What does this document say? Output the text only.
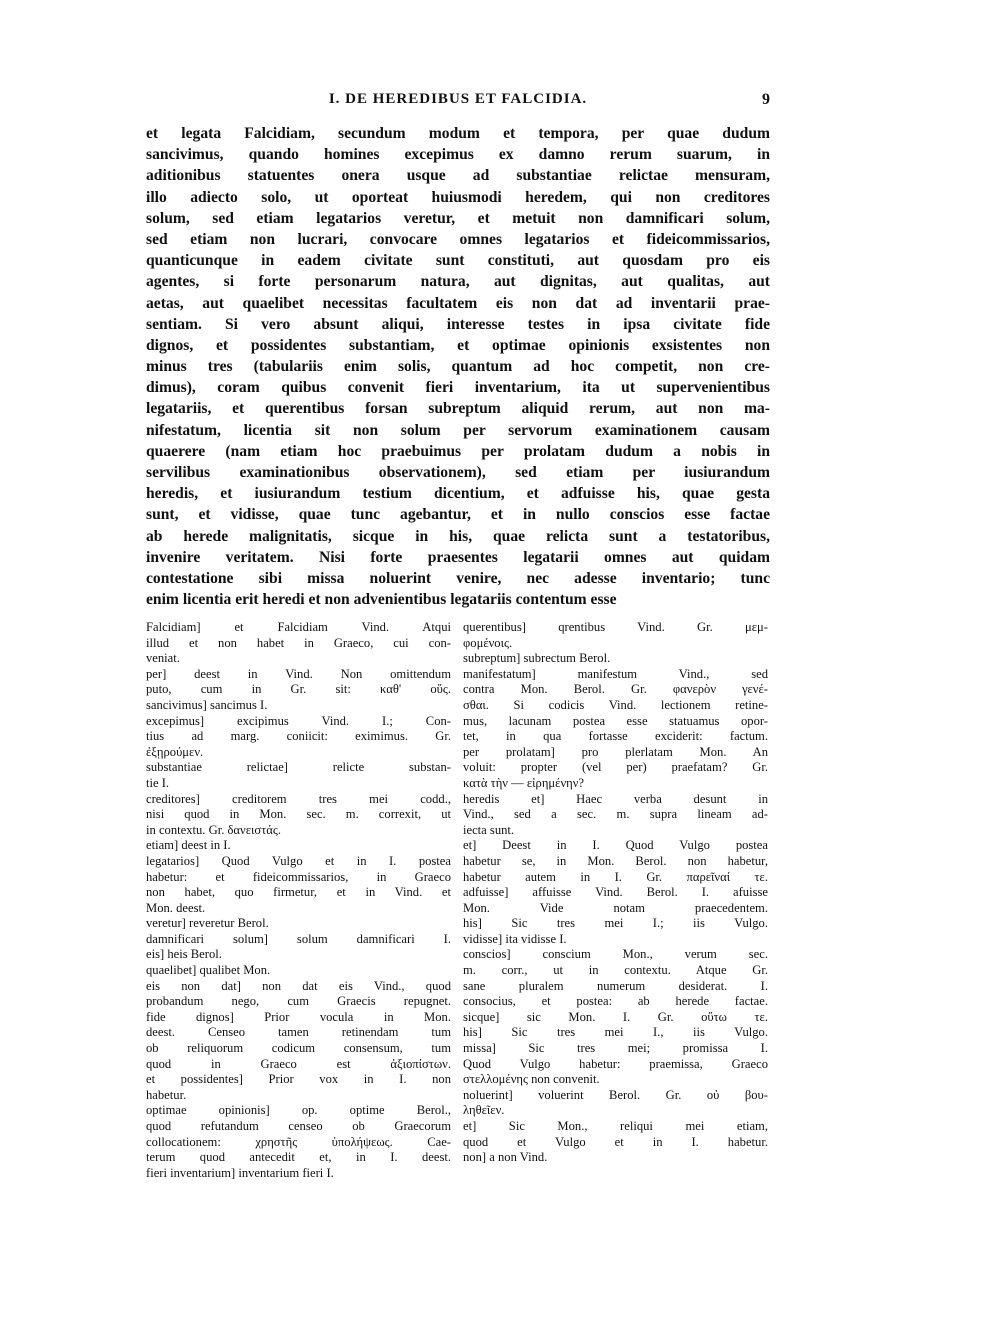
I. DE HEREDIBUS ET FALCIDIA.	9
et legata Falcidiam, secundum modum et tempora, per quae dudum
sancivimus, quando homines excepimus ex damno rerum suarum, in
aditionibus statuentes onera usque ad substantiae relictae mensuram,
illo adiecto solo, ut oporteat huiusmodi heredem, qui non creditores
solum, sed etiam legatarios veretur, et metuit non damnificari solum,
sed etiam non lucrari, convocare omnes legatarios et fideicommissarios,
quanticunque in eadem civitate sunt constituti, aut quosdam pro eis
agentes, si forte personarum natura, aut dignitas, aut qualitas, aut
aetas, aut quaelibet necessitas facultatem eis non dat ad inventarii prae-
sentiam. Si vero absunt aliqui, interesse testes in ipsa civitate fide
dignos, et possidentes substantiam, et optimae opinionis exsistentes non
minus tres (tabulariis enim solis, quantum ad hoc competit, non cre-
dimus), coram quibus convenit fieri inventarium, ita ut supervenientibus
legatariis, et querentibus forsan subreptum aliquid rerum, aut non ma-
nifestatum, licentia sit non solum per servorum examinationem causam
quaerere (nam etiam hoc praebuimus per prolatam dudum a nobis in
servilibus examinationibus observationem), sed etiam per iusiurandum
heredis, et iusiurandum testium dicentium, et adfuisse his, quae gesta
sunt, et vidisse, quae tunc agebantur, et in nullo conscios esse factae
ab herede malignitatis, sicque in his, quae relicta sunt a testatoribus,
invenire veritatem. Nisi forte praesentes legatarii omnes aut quidam
contestatione sibi missa noluerint venire, nec adesse inventario; tunc
enim licentia erit heredi et non advenientibus legatariis contentum esse
Falcidiam] et Falcidiam Vind. Atqui
illud et non habet in Graeco, cui con-
veniat.
per] deest in Vind. Non omittendum
puto, cum in Gr. sit: καθ' οὕς.
sancivimus] sancimus I.
excepimus] excipimus Vind. I.; Con-
tius ad marg. coniicit: eximimus. Gr.
ἐξῃρούμεν.
substantiae relictae] relicte substan-
tie I.
creditores] creditorem tres mei codd.,
nisi quod in Mon. sec. m. correxit, ut
in contextu. Gr. δανειστάς.
etiam] deest in I.
legatarios] Quod Vulgo et in I. postea
habetur: et fideicommissarios, in Graeco
non habet, quo firmetur, et in Vind. et
Mon. deest.
veretur] reveretur Berol.
damnificari solum] solum damnificari I.
eis] heis Berol.
quaelibet] qualibet Mon.
eis non dat] non dat eis Vind., quod
probandum nego, cum Graecis repugnet.
fide dignos] Prior vocula in Mon.
deest. Censeo tamen retinendam tum
ob reliquorum codicum consensum, tum
quod in Graeco est ἀξιοπίστων.
et possidentes] Prior vox in I. non
habetur.
optimae opinionis] op. optime Berol.,
quod refutandum censeo ob Graecorum
collocationem: χρηστῆς ὑπολήψεως. Cae-
terum quod antecedit et, in I. deest.
fieri inventarium] inventarium fieri I.
querentibus] qrentibus Vind. Gr. μεμ-
φομένοις.
subreptum] subrectum Berol.
manifestatum] manifestum Vind., sed
contra Mon. Berol. Gr. φανερὸν γενέ-
σθαι. Si codicis Vind. lectionem retine-
mus, lacunam postea esse statuamus opor-
tet, in qua fortasse exciderit: factum.
per prolatam] pro plerlatam Mon. An
voluit: propter (vel per) praefatam? Gr.
κατὰ τὴν — εἰρημένην?
heredis et] Haec verba desunt in
Vind., sed a sec. m. supra lineam ad-
iecta sunt.
et] Deest in I. Quod Vulgo postea
habetur se, in Mon. Berol. non habetur,
habetur autem in I. Gr. παρεῖναί τε.
adfuisse] affuisse Vind. Berol. I. afuisse
Mon. Vide notam praecedentem.
his] Sic tres mei I.; iis Vulgo.
vidisse] ita vidisse I.
conscios] conscium Mon., verum sec.
m. corr., ut in contextu. Atque Gr.
sane pluralem numerum desiderat. I.
consocius, et postea: ab herede factae.
sicque] sic Mon. I. Gr. οὕτω τε.
his] Sic tres mei I., iis Vulgo.
missa] Sic tres mei; promissa I.
Quod Vulgo habetur: praemissa, Graeco
στελλομένης non convenit.
noluerint] voluerint Berol. Gr. οὐ βου-
ληθεῖεν.
et] Sic Mon., reliqui mei etiam,
quod et Vulgo et in I. habetur.
non] a non Vind.
